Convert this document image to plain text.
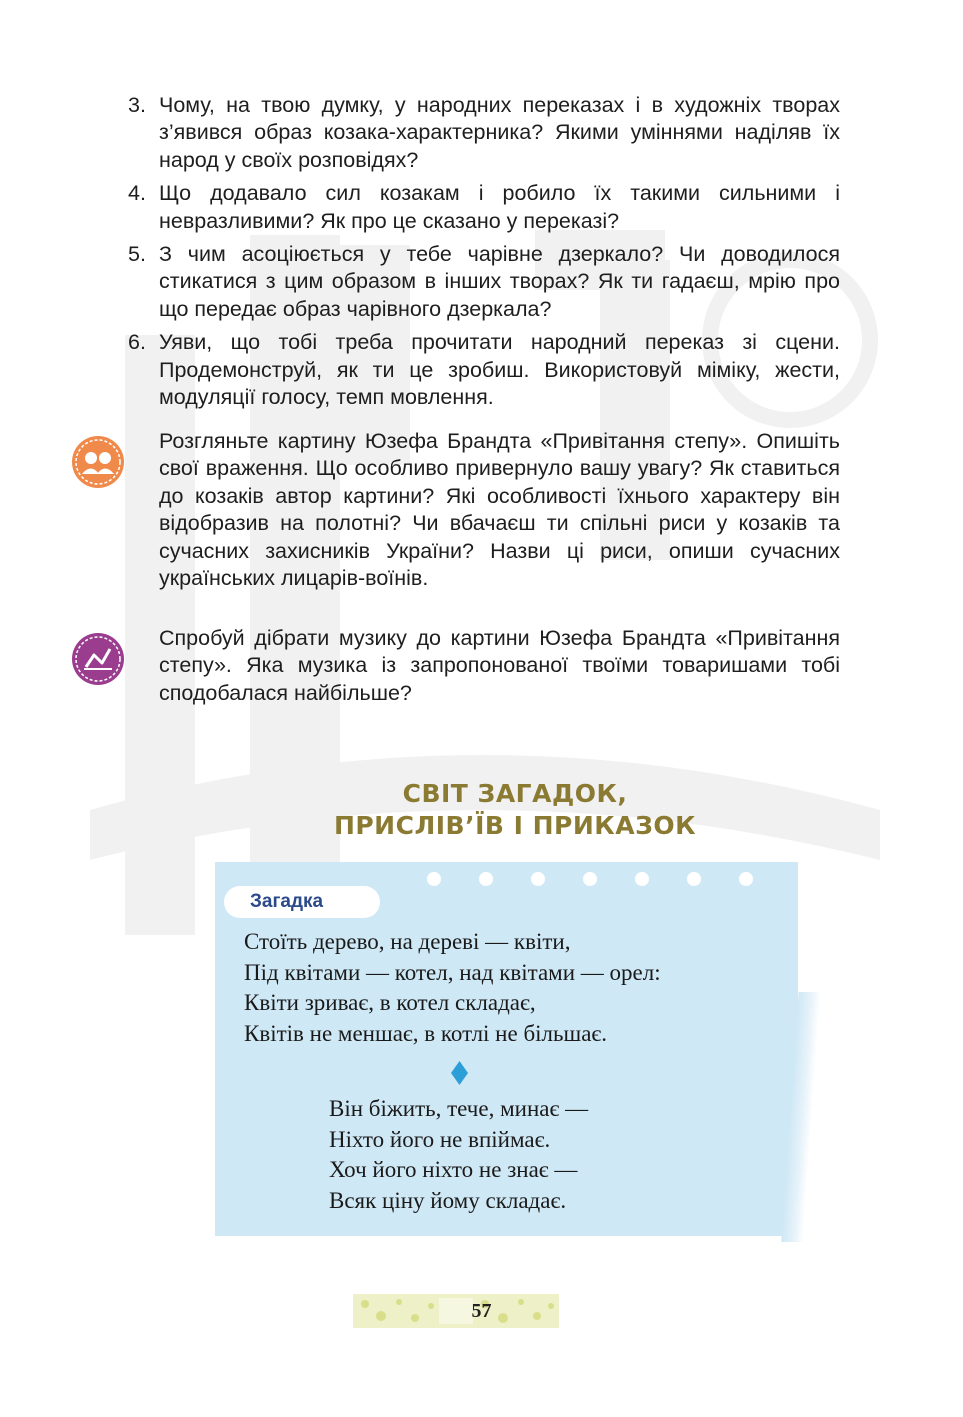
3. Чому, на твою думку, у народних переказах і в художніх творах з’явився образ козака-характерника? Якими уміннями наділяв їх народ у своїх розповідях?
4. Що додавало сил козакам і робило їх такими сильними і невразливими? Як про це сказано у переказі?
5. З чим асоціюється у тебе чарівне дзеркало? Чи доводилося стикатися з цим образом в інших творах? Як ти гадаєш, мрію про що передає образ чарівного дзеркала?
6. Уяви, що тобі треба прочитати народний переказ зі сцени. Продемонструй, як ти це зробиш. Використовуй міміку, жести, модуляції голосу, темп мовлення.
Розгляньте картину Юзефа Брандта «Привітання степу». Опишіть свої враження. Що особливо привернуло вашу увагу? Як ставиться до козаків автор картини? Які особливості їхнього характеру він відобразив на полотні? Чи вбачаєш ти спільні риси у козаків та сучасних захисників України? Назви ці риси, опиши сучасних українських лицарів-воїнів.
Спробуй дібрати музику до картини Юзефа Брандта «Привітання степу». Яка музика із запропонованої твоїми товаришами тобі сподобалася найбільше?
СВІТ ЗАГАДОК,
ПРИСЛІВ’ЇВ І ПРИКАЗОК
Загадка
Стоїть дерево, на дереві — квіти,
Під квітами — котел, над квітами — орел:
Квіти зриває, в котел складає,
Квітів не меншає, в котлі не більшає.
Він біжить, тече, минає —
Ніхто його не впіймає.
Хоч його ніхто не знає —
Всяк ціну йому складає.
57
